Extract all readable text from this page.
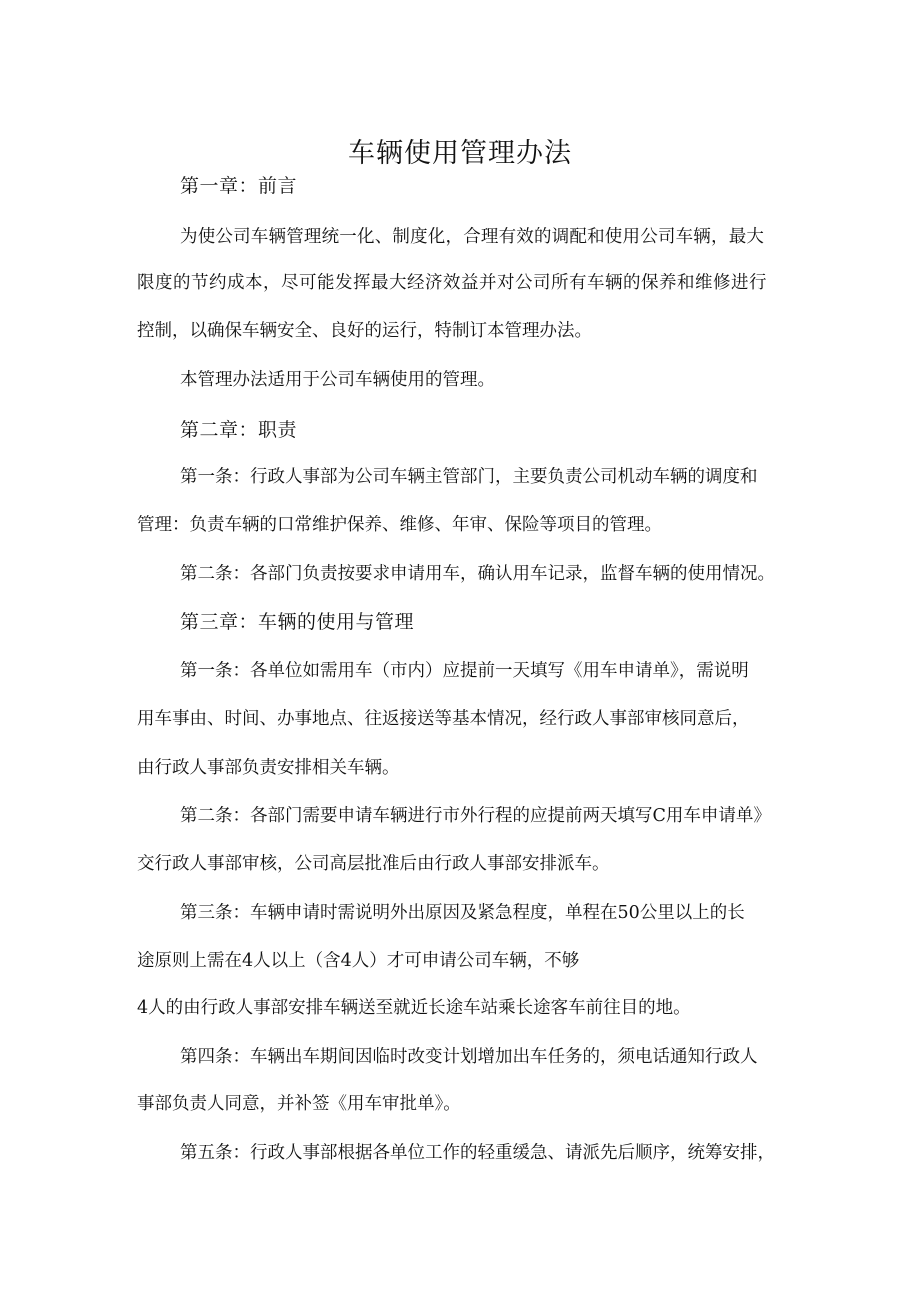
车辆使用管理办法
第一章：前言
为使公司车辆管理统一化、制度化，合理有效的调配和使用公司车辆，最大
限度的节约成本，尽可能发挥最大经济效益并对公司所有车辆的保养和维修进行
控制，以确保车辆安全、良好的运行，特制订本管理办法。
本管理办法适用于公司车辆使用的管理。
第二章：职责
第一条：行政人事部为公司车辆主管部门，主要负责公司机动车辆的调度和
管理：负责车辆的口常维护保养、维修、年审、保险等项目的管理。
第二条：各部门负责按要求申请用车，确认用车记录，监督车辆的使用情况。
第三章：车辆的使用与管理
第一条：各单位如需用车（市内）应提前一天填写《用车申请单》，需说明
用车事由、时间、办事地点、往返接送等基本情况，经行政人事部审核同意后，
由行政人事部负责安排相关车辆。
第二条：各部门需要申请车辆进行市外行程的应提前两天填写C用车申请单》
交行政人事部审核，公司高层批准后由行政人事部安排派车。
第三条：车辆申请时需说明外出原因及紧急程度，单程在50公里以上的长
途原则上需在4人以上（含4人）才可申请公司车辆，不够
4人的由行政人事部安排车辆送至就近长途车站乘长途客车前往目的地。
第四条：车辆出车期间因临时改变计划增加出车任务的，须电话通知行政人
事部负责人同意，并补签《用车审批单》。
第五条：行政人事部根据各单位工作的轻重缓急、请派先后顺序，统筹安排，
